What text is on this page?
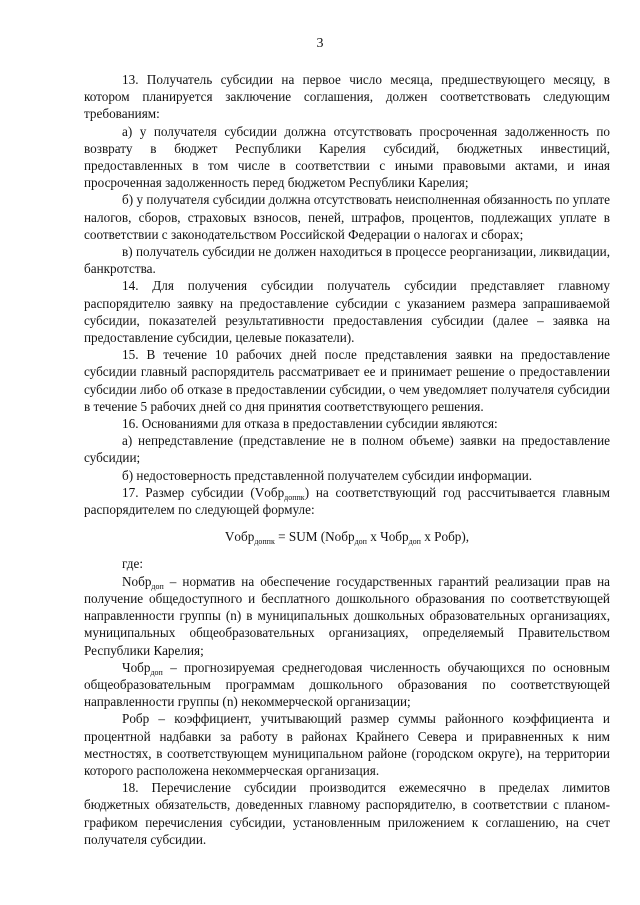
3

13. Получатель субсидии на первое число месяца, предшествующего месяцу, в котором планируется заключение соглашения, должен соответствовать следующим требованиям:

а) у получателя субсидии должна отсутствовать просроченная задолженность по возврату в бюджет Республики Карелия субсидий, бюджетных инвестиций, предоставленных в том числе в соответствии с иными правовыми актами, и иная просроченная задолженность перед бюджетом Республики Карелия;

б) у получателя субсидии должна отсутствовать неисполненная обязанность по уплате налогов, сборов, страховых взносов, пеней, штрафов, процентов, подлежащих уплате в соответствии с законодательством Российской Федерации о налогах и сборах;

в) получатель субсидии не должен находиться в процессе реорганизации, ликвидации, банкротства.

14. Для получения субсидии получатель субсидии представляет главному распорядителю заявку на предоставление субсидии с указанием размера запрашиваемой субсидии, показателей результативности предоставления субсидии (далее – заявка на предоставление субсидии, целевые показатели).

15. В течение 10 рабочих дней после представления заявки на предоставление субсидии главный распорядитель рассматривает ее и принимает решение о предоставлении субсидии либо об отказе в предоставлении субсидии, о чем уведомляет получателя субсидии в течение 5 рабочих дней со дня принятия соответствующего решения.

16. Основаниями для отказа в предоставлении субсидии являются:

а) непредставление (представление не в полном объеме) заявки на предоставление субсидии;

б) недостоверность представленной получателем субсидии информации.

17. Размер субсидии (Vобр$_{доппк}$) на соответствующий год рассчитывается главным распорядителем по следующей формуле:

Vобр$_{доппк}$ = SUM (Nобр$_{доп}$ x Чобр$_{доп}$ x Pобр),

где:

Nобр$_{доп}$ – норматив на обеспечение государственных гарантий реализации прав на получение общедоступного и бесплатного дошкольного образования по соответствующей направленности группы (n) в муниципальных дошкольных образовательных организациях, муниципальных общеобразовательных организациях, определяемый Правительством Республики Карелия;

Чобр$_{доп}$ – прогнозируемая среднегодовая численность обучающихся по основным общеобразовательным программам дошкольного образования по соответствующей направленности группы (n) некоммерческой организации;

Pобр – коэффициент, учитывающий размер суммы районного коэффициента и процентной надбавки за работу в районах Крайнего Севера и приравненных к ним местностях, в соответствующем муниципальном районе (городском округе), на территории которого расположена некоммерческая организация.

18. Перечисление субсидии производится ежемесячно в пределах лимитов бюджетных обязательств, доведенных главному распорядителю, в соответствии с планом-графиком перечисления субсидии, установленным приложением к соглашению, на счет получателя субсидии.
